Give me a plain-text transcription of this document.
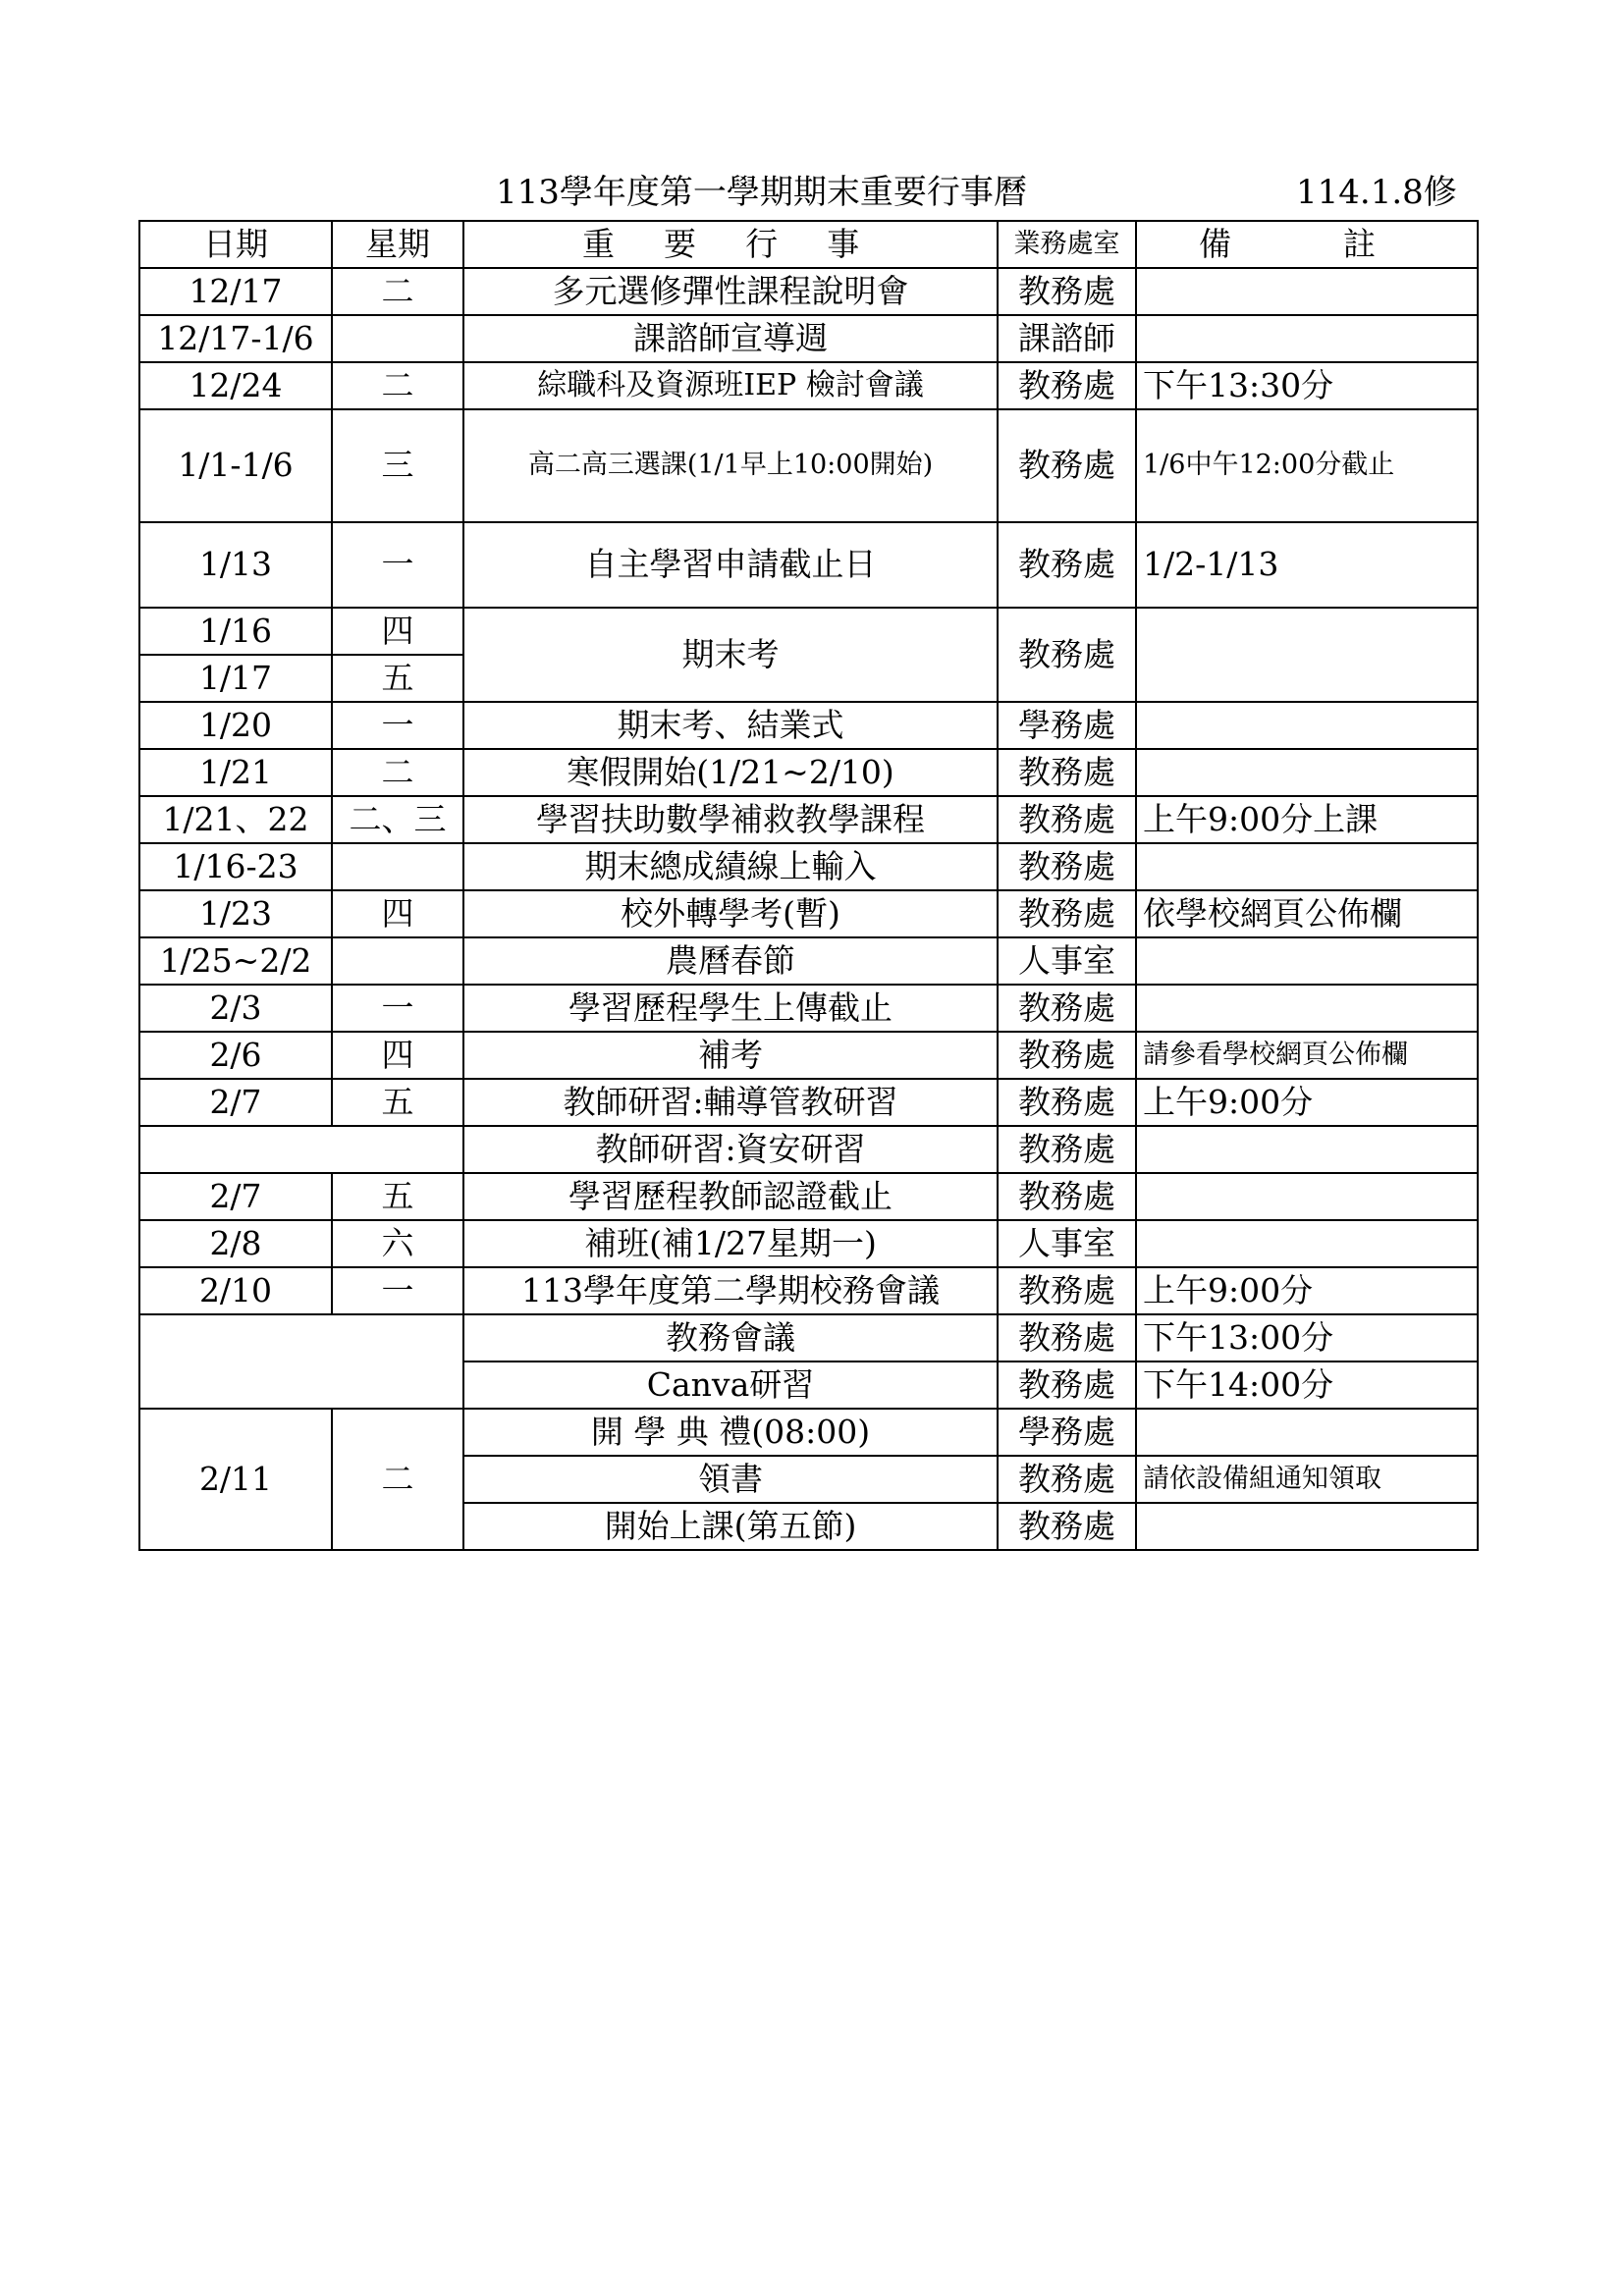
113學年度第一學期期末重要行事曆	114.1.8修
日期	星期	重 要 行 事	業務處室	備 註

12/17	二	多元選修彈性課程說明會	教務處	
12/17-1/6		課諮師宣導週	課諮師	
12/24	二	綜職科及資源班IEP 檢討會議	教務處	下午13:30分
1/1-1/6	三	高二高三選課(1/1早上10:00開始)	教務處	1/6中午12:00分截止
1/13	一	自主學習申請截止日	教務處	1/2-1/13
1/16	四	期末考	教務處	
1/17	五			
1/20	一	期末考、結業式	學務處	
1/21	二	寒假開始(1/21~2/10)	教務處	
1/21、22	二、三	學習扶助數學補救教學課程	教務處	上午9:00分上課
1/16-23		期末總成績線上輸入	教務處	
1/23	四	校外轉學考(暫)	教務處	依學校網頁公佈欄
1/25~2/2		農曆春節	人事室	
2/3	一	學習歷程學生上傳截止	教務處	
2/6	四	補考	教務處	請參看學校網頁公佈欄
2/7	五	教師研習:輔導管教研習	教務處	上午9:00分
		教師研習:資安研習	教務處	
2/7	五	學習歷程教師認證截止	教務處	
2/8	六	補班(補1/27星期一)	人事室	
2/10	一	113學年度第二學期校務會議	教務處	上午9:00分
		教務會議	教務處	下午13:00分
		Canva研習	教務處	下午14:00分
2/11	二	開 學 典 禮(08:00)	學務處	
		領書	教務處	請依設備組通知領取
		開始上課(第五節)	教務處	
